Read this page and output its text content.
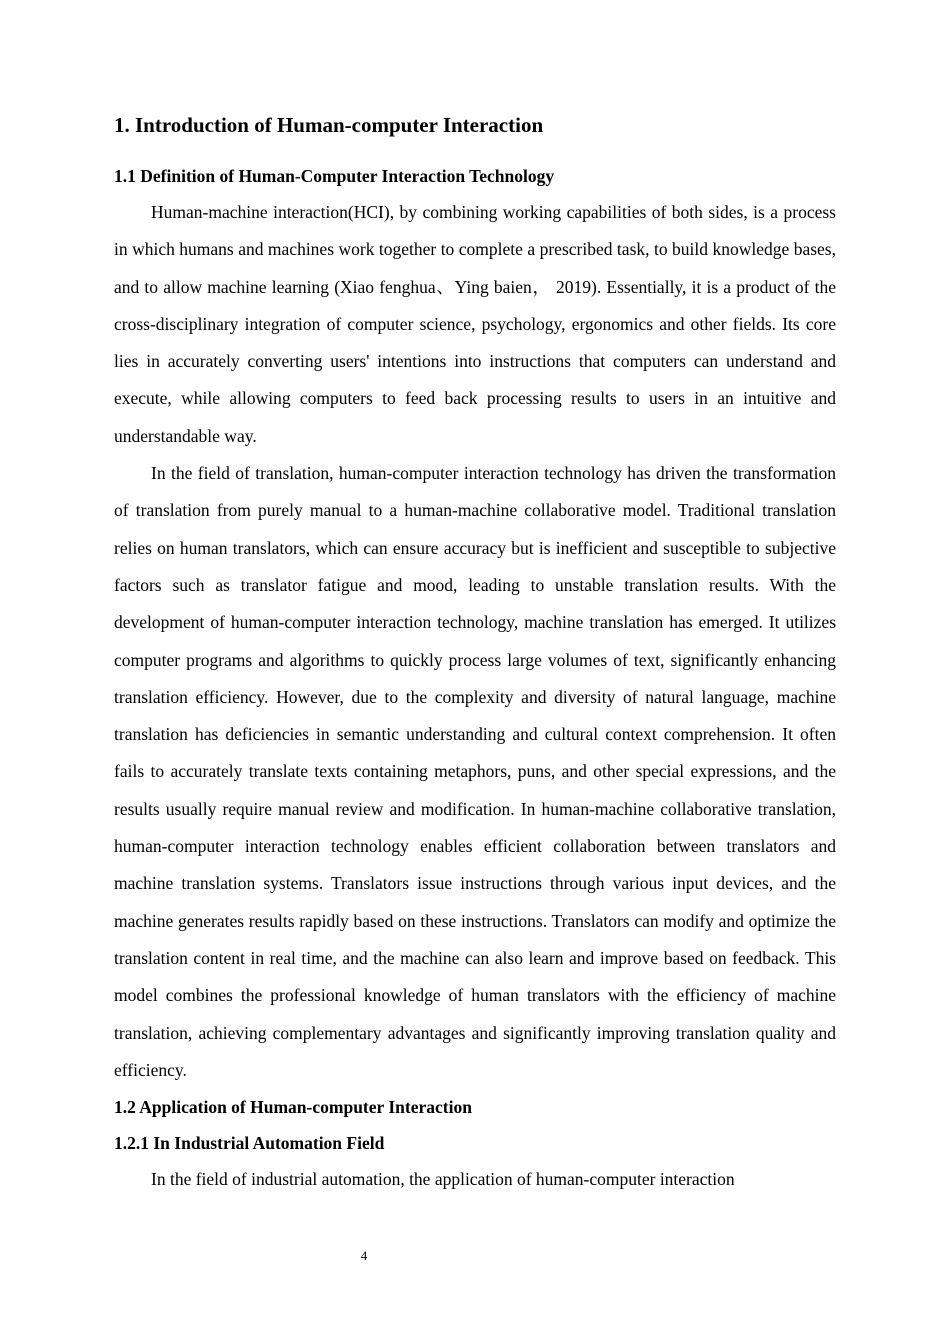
1. Introduction of Human-computer Interaction
1.1 Definition of Human-Computer Interaction Technology

Human-machine interaction(HCI), by combining working capabilities of both sides, is a process in which humans and machines work together to complete a prescribed task, to build knowledge bases, and to allow machine learning (Xiao fenghua、Ying baien， 2019). Essentially, it is a product of the cross-disciplinary integration of computer science, psychology, ergonomics and other fields. Its core lies in accurately converting users' intentions into instructions that computers can understand and execute, while allowing computers to feed back processing results to users in an intuitive and understandable way.

In the field of translation, human-computer interaction technology has driven the transformation of translation from purely manual to a human-machine collaborative model. Traditional translation relies on human translators, which can ensure accuracy but is inefficient and susceptible to subjective factors such as translator fatigue and mood, leading to unstable translation results. With the development of human-computer interaction technology, machine translation has emerged. It utilizes computer programs and algorithms to quickly process large volumes of text, significantly enhancing translation efficiency. However, due to the complexity and diversity of natural language, machine translation has deficiencies in semantic understanding and cultural context comprehension. It often fails to accurately translate texts containing metaphors, puns, and other special expressions, and the results usually require manual review and modification. In human-machine collaborative translation, human-computer interaction technology enables efficient collaboration between translators and machine translation systems. Translators issue instructions through various input devices, and the machine generates results rapidly based on these instructions. Translators can modify and optimize the translation content in real time, and the machine can also learn and improve based on feedback. This model combines the professional knowledge of human translators with the efficiency of machine translation, achieving complementary advantages and significantly improving translation quality and efficiency.

1.2 Application of Human-computer Interaction
1.2.1 In Industrial Automation Field

In the field of industrial automation, the application of human-computer interaction

4
